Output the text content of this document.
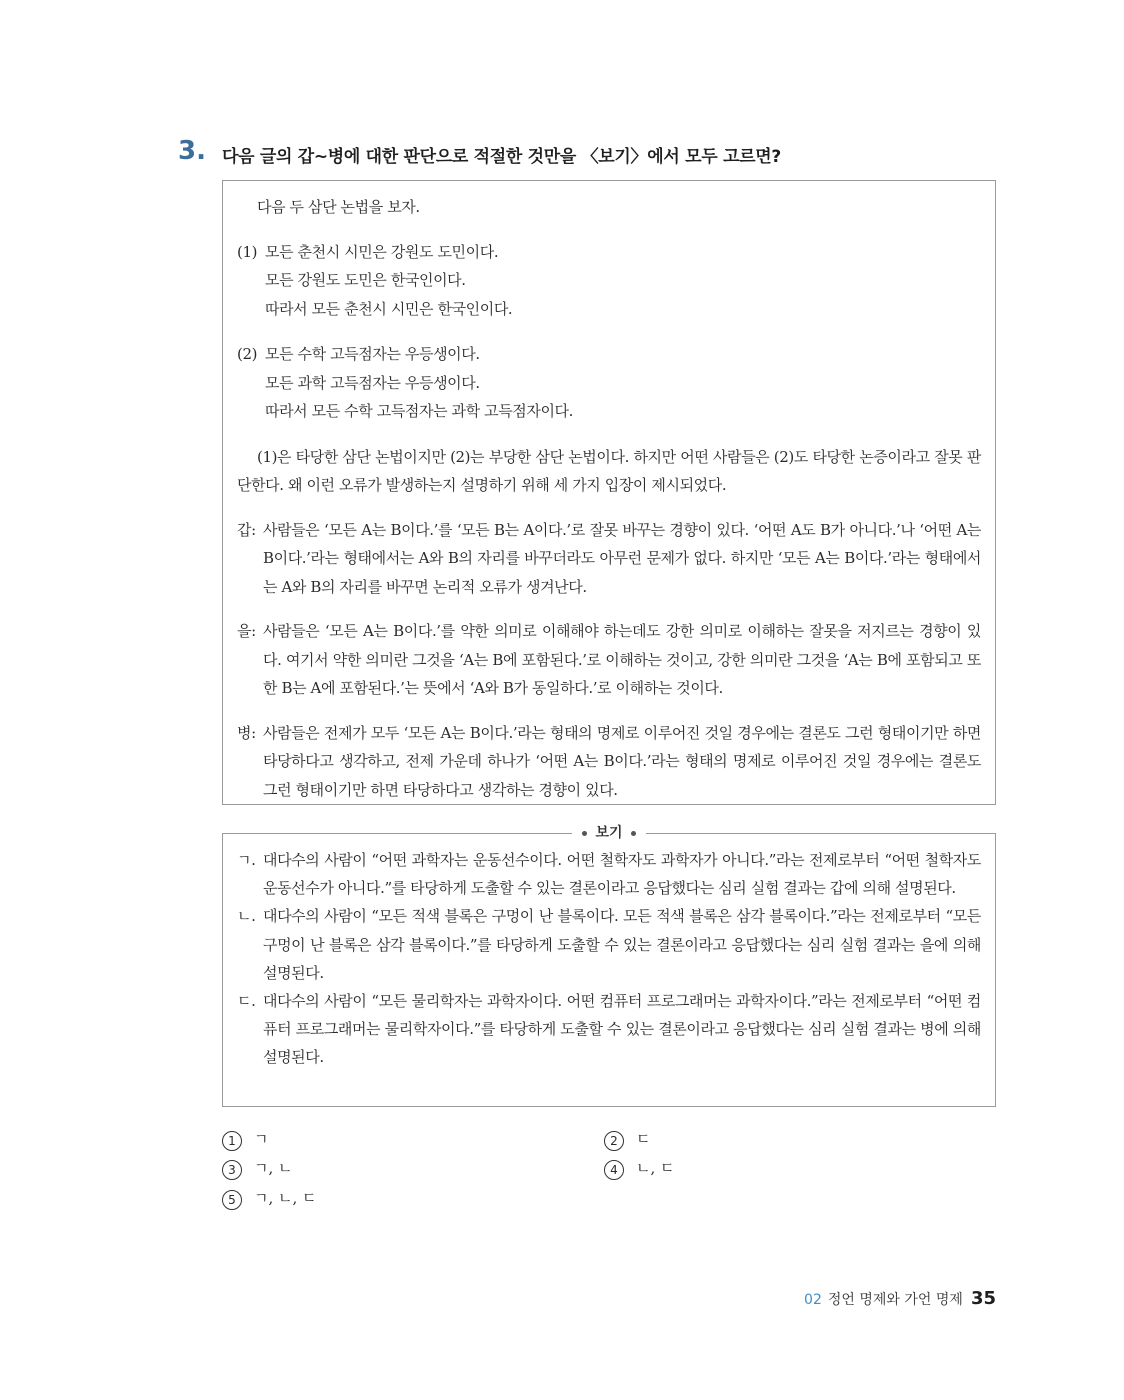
3. 다음 글의 갑~병에 대한 판단으로 적절한 것만을 〈보기〉에서 모두 고르면?

다음 두 삼단 논법을 보자.

(1) 모든 춘천시 시민은 강원도 도민이다.
모든 강원도 도민은 한국인이다.
따라서 모든 춘천시 시민은 한국인이다.
(2) 모든 수학 고득점자는 우등생이다.
모든 과학 고득점자는 우등생이다.
따라서 모든 수학 고득점자는 과학 고득점자이다.

(1)은 타당한 삼단 논법이지만 (2)는 부당한 삼단 논법이다. 하지만 어떤 사람들은 (2)도 타당한 논증이라고 잘못 판단한다. 왜 이런 오류가 발생하는지 설명하기 위해 세 가지 입장이 제시되었다.

갑: 사람들은 ‘모든 A는 B이다.’를 ‘모든 B는 A이다.’로 잘못 바꾸는 경향이 있다. ‘어떤 A도 B가 아니다.’나 ‘어떤 A는 B이다.’라는 형태에서는 A와 B의 자리를 바꾸더라도 아무런 문제가 없다. 하지만 ‘모든 A는 B이다.’라는 형태에서는 A와 B의 자리를 바꾸면 논리적 오류가 생겨난다.
을: 사람들은 ‘모든 A는 B이다.’를 약한 의미로 이해해야 하는데도 강한 의미로 이해하는 잘못을 저지르는 경향이 있다. 여기서 약한 의미란 그것을 ‘A는 B에 포함된다.’로 이해하는 것이고, 강한 의미란 그것을 ‘A는 B에 포함되고 또한 B는 A에 포함된다.’는 뜻에서 ‘A와 B가 동일하다.’로 이해하는 것이다.
병: 사람들은 전제가 모두 ‘모든 A는 B이다.’라는 형태의 명제로 이루어진 것일 경우에는 결론도 그런 형태이기만 하면 타당하다고 생각하고, 전제 가운데 하나가 ‘어떤 A는 B이다.’라는 형태의 명제로 이루어진 것일 경우에는 결론도 그런 형태이기만 하면 타당하다고 생각하는 경향이 있다.
ㄱ. 대다수의 사람이 “어떤 과학자는 운동선수이다. 어떤 철학자도 과학자가 아니다.”라는 전제로부터 “어떤 철학자도 운동선수가 아니다.”를 타당하게 도출할 수 있는 결론이라고 응답했다는 심리 실험 결과는 갑에 의해 설명된다.
ㄴ. 대다수의 사람이 “모든 적색 블록은 구멍이 난 블록이다. 모든 적색 블록은 삼각 블록이다.”라는 전제로부터 “모든 구멍이 난 블록은 삼각 블록이다.”를 타당하게 도출할 수 있는 결론이라고 응답했다는 심리 실험 결과는 을에 의해 설명된다.
ㄷ. 대다수의 사람이 “모든 물리학자는 과학자이다. 어떤 컴퓨터 프로그래머는 과학자이다.”라는 전제로부터 “어떤 컴퓨터 프로그래머는 물리학자이다.”를 타당하게 도출할 수 있는 결론이라고 응답했다는 심리 실험 결과는 병에 의해 설명된다.
보기
1 ㄱ	2 ㄷ
3 ㄱ, ㄴ	4 ㄴ, ㄷ
5 ㄱ, ㄴ, ㄷ
02 정언 명제와 가언 명제 35
